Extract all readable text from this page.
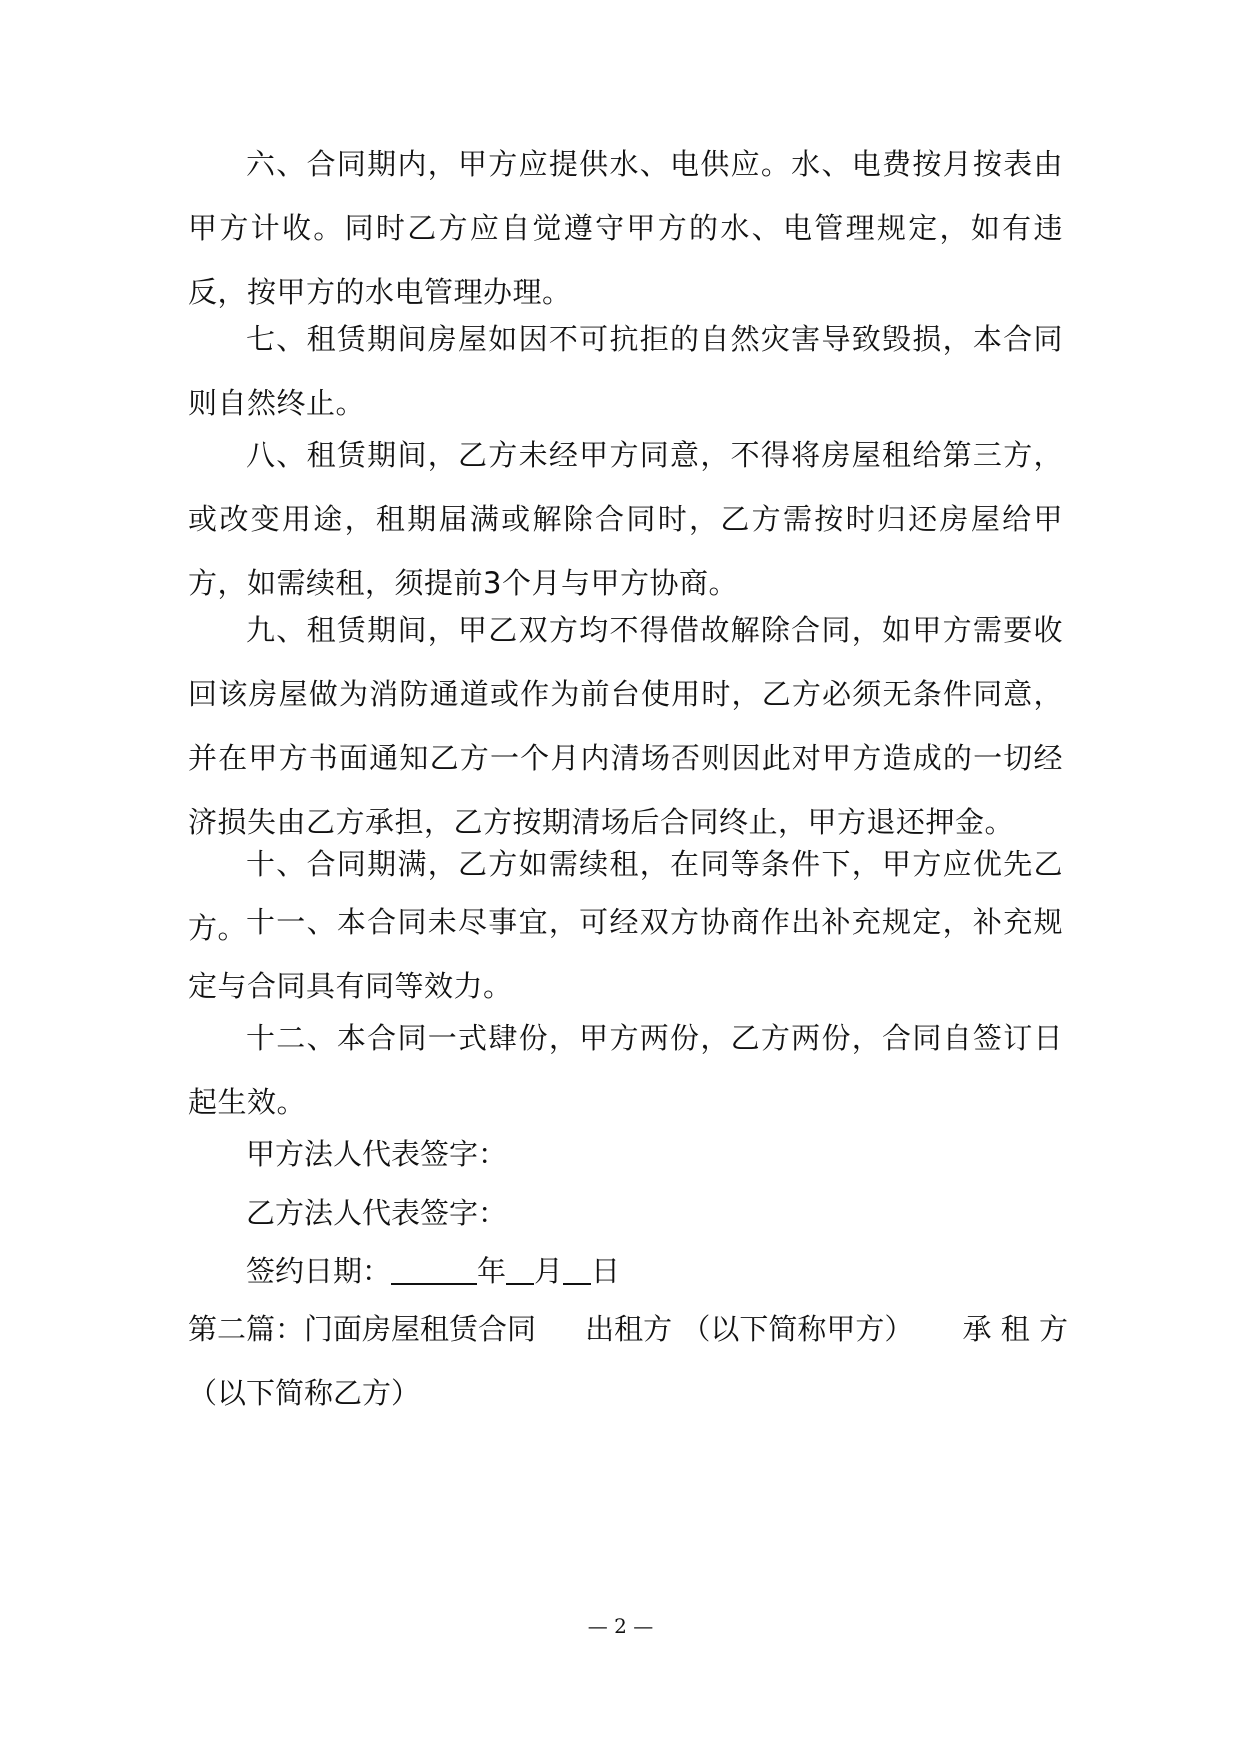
六、合同期内，甲方应提供水、电供应。水、电费按月按表由甲方计收。同时乙方应自觉遵守甲方的水、电管理规定，如有违反，按甲方的水电管理办理。

七、租赁期间房屋如因不可抗拒的自然灾害导致毁损，本合同则自然终止。

八、租赁期间，乙方未经甲方同意，不得将房屋租给第三方，或改变用途，租期届满或解除合同时，乙方需按时归还房屋给甲方，如需续租，须提前3个月与甲方协商。

九、租赁期间，甲乙双方均不得借故解除合同，如甲方需要收回该房屋做为消防通道或作为前台使用时，乙方必须无条件同意，并在甲方书面通知乙方一个月内清场否则因此对甲方造成的一切经济损失由乙方承担，乙方按期清场后合同终止，甲方退还押金。

十、合同期满，乙方如需续租，在同等条件下，甲方应优先乙方。

十一、本合同未尽事宜，可经双方协商作出补充规定，补充规定与合同具有同等效力。

十二、本合同一式肆份，甲方两份，乙方两份，合同自签订日起生效。

甲方法人代表签字：

乙方法人代表签字：

签约日期：	年 月 日

第二篇：门面房屋租赁合同 出租方 （以下简称甲方） 承 租 方
（以下简称乙方）
— 2 —
